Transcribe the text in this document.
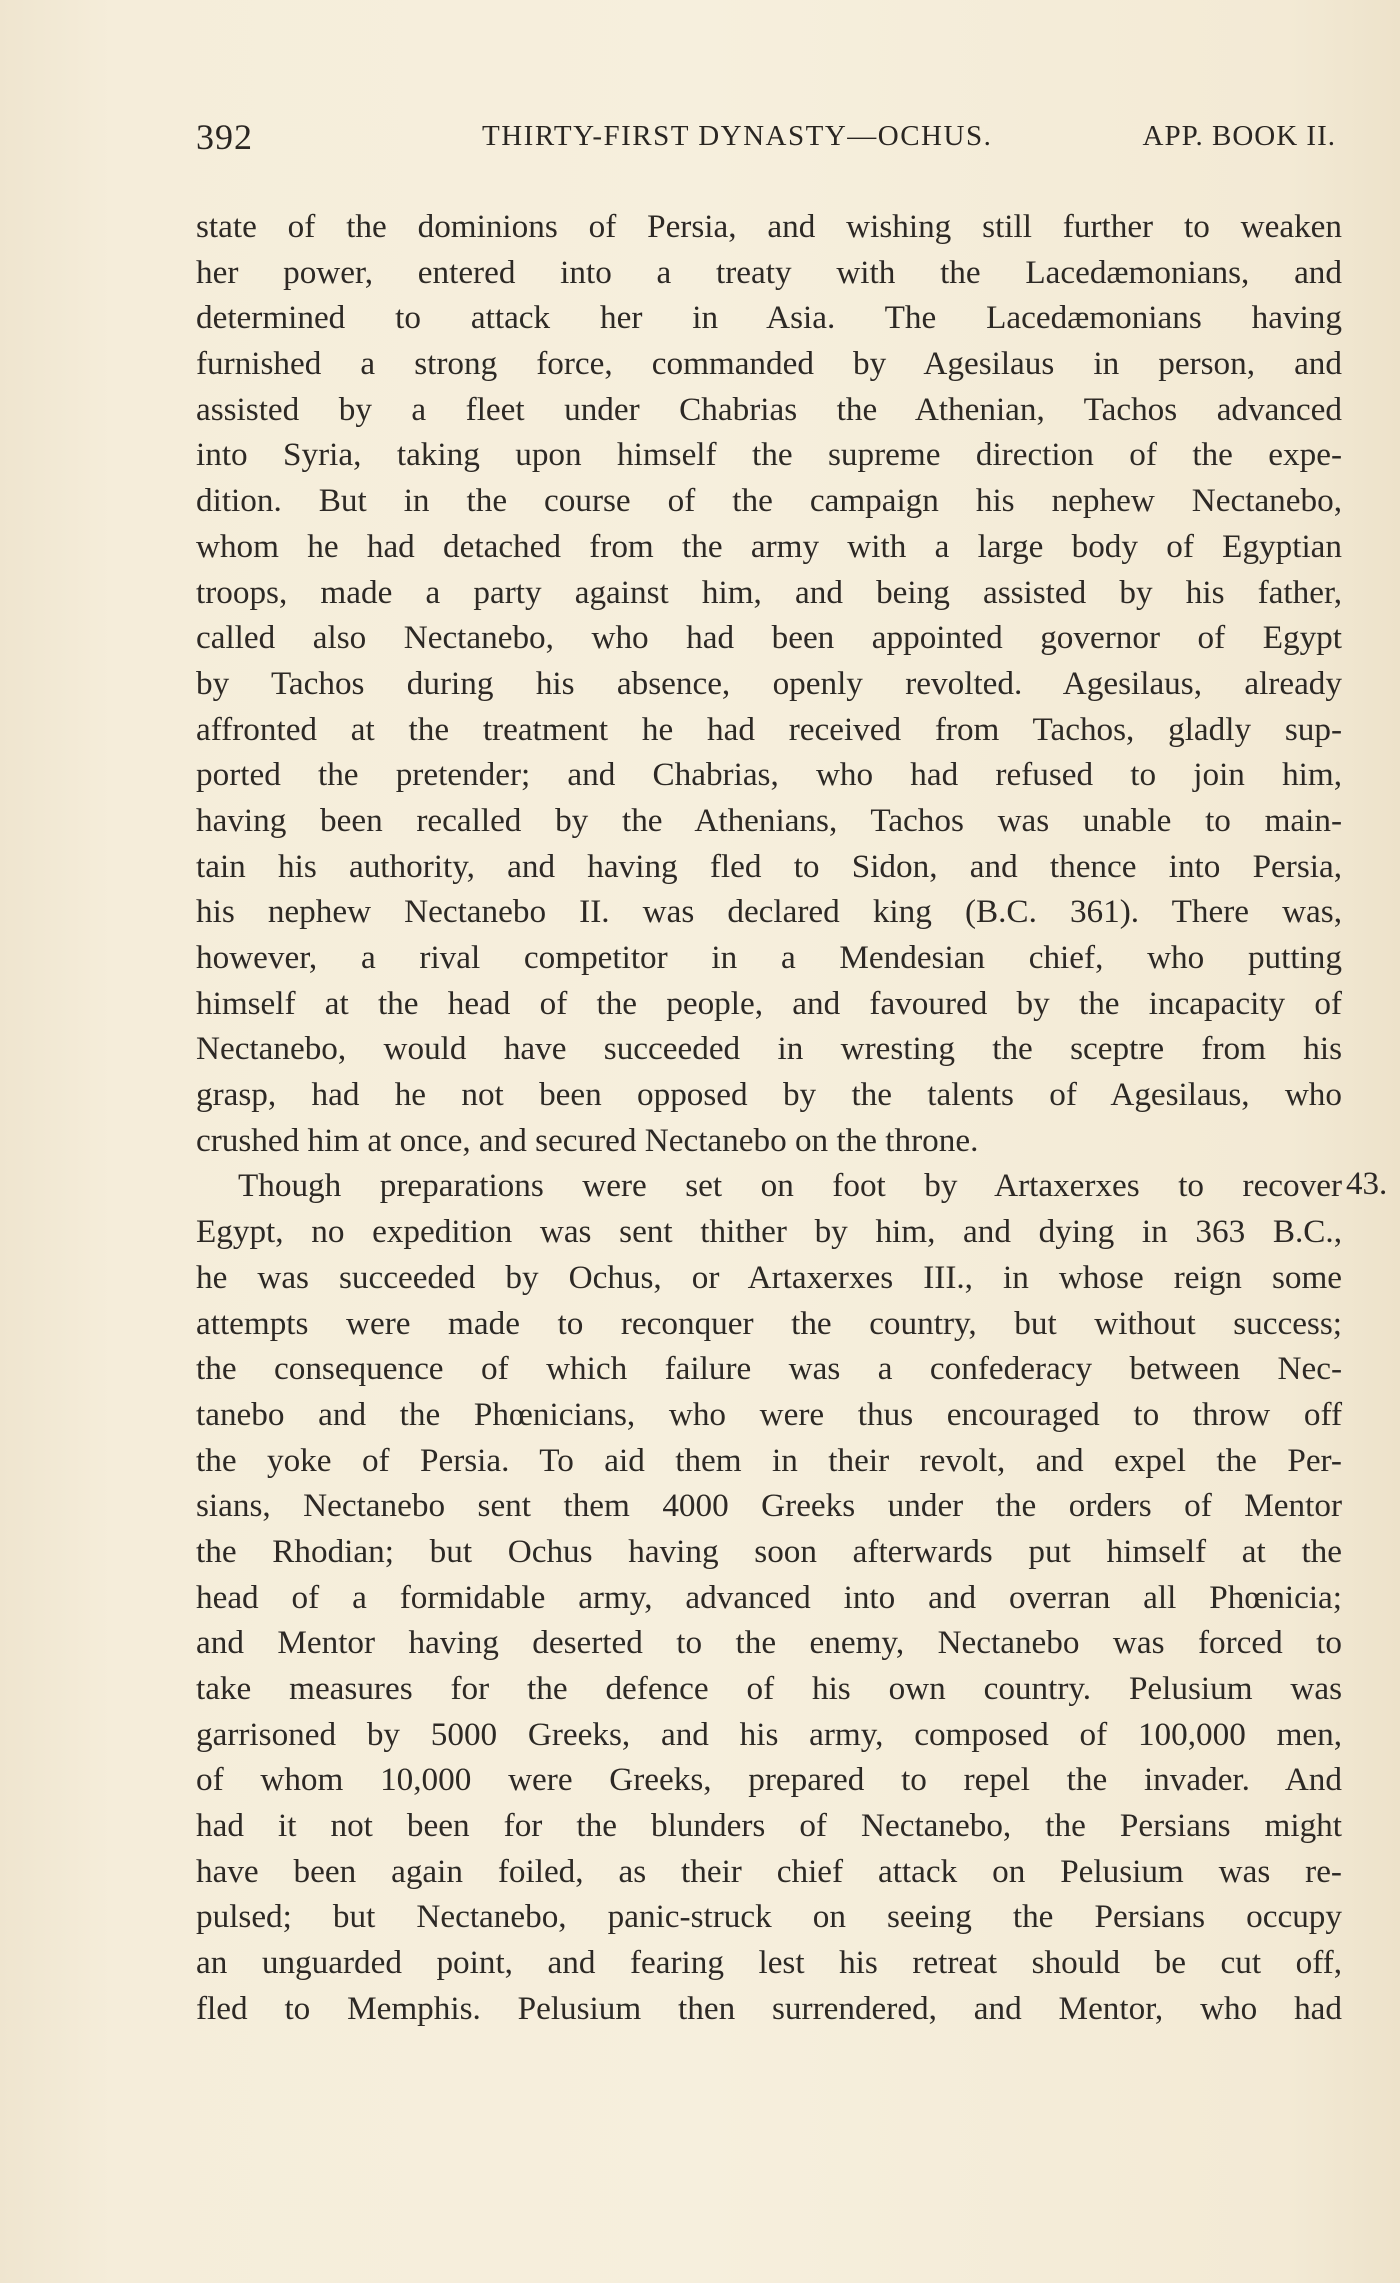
392	THIRTY-FIRST DYNASTY—OCHUS.	APP. BOOK II.
state of the dominions of Persia, and wishing still further to weaken
her power, entered into a treaty with the Lacedæmonians, and
determined to attack her in Asia. The Lacedæmonians having
furnished a strong force, commanded by Agesilaus in person, and
assisted by a fleet under Chabrias the Athenian, Tachos advanced
into Syria, taking upon himself the supreme direction of the expe-
dition. But in the course of the campaign his nephew Nectanebo,
whom he had detached from the army with a large body of Egyptian
troops, made a party against him, and being assisted by his father,
called also Nectanebo, who had been appointed governor of Egypt
by Tachos during his absence, openly revolted. Agesilaus, already
affronted at the treatment he had received from Tachos, gladly sup-
ported the pretender; and Chabrias, who had refused to join him,
having been recalled by the Athenians, Tachos was unable to main-
tain his authority, and having fled to Sidon, and thence into Persia,
his nephew Nectanebo II. was declared king (B.C. 361). There was,
however, a rival competitor in a Mendesian chief, who putting
himself at the head of the people, and favoured by the incapacity of
Nectanebo, would have succeeded in wresting the sceptre from his
grasp, had he not been opposed by the talents of Agesilaus, who
crushed him at once, and secured Nectanebo on the throne.
Though preparations were set on foot by Artaxerxes to recover
Egypt, no expedition was sent thither by him, and dying in 363 B.C.,
he was succeeded by Ochus, or Artaxerxes III., in whose reign some
attempts were made to reconquer the country, but without success;
the consequence of which failure was a confederacy between Nec-
tanebo and the Phœnicians, who were thus encouraged to throw off
the yoke of Persia. To aid them in their revolt, and expel the Per-
sians, Nectanebo sent them 4000 Greeks under the orders of Mentor
the Rhodian; but Ochus having soon afterwards put himself at the
head of a formidable army, advanced into and overran all Phœnicia;
and Mentor having deserted to the enemy, Nectanebo was forced to
take measures for the defence of his own country. Pelusium was
garrisoned by 5000 Greeks, and his army, composed of 100,000 men,
of whom 10,000 were Greeks, prepared to repel the invader. And
had it not been for the blunders of Nectanebo, the Persians might
have been again foiled, as their chief attack on Pelusium was re-
pulsed; but Nectanebo, panic-struck on seeing the Persians occupy
an unguarded point, and fearing lest his retreat should be cut off,
fled to Memphis. Pelusium then surrendered, and Mentor, who had
43.
